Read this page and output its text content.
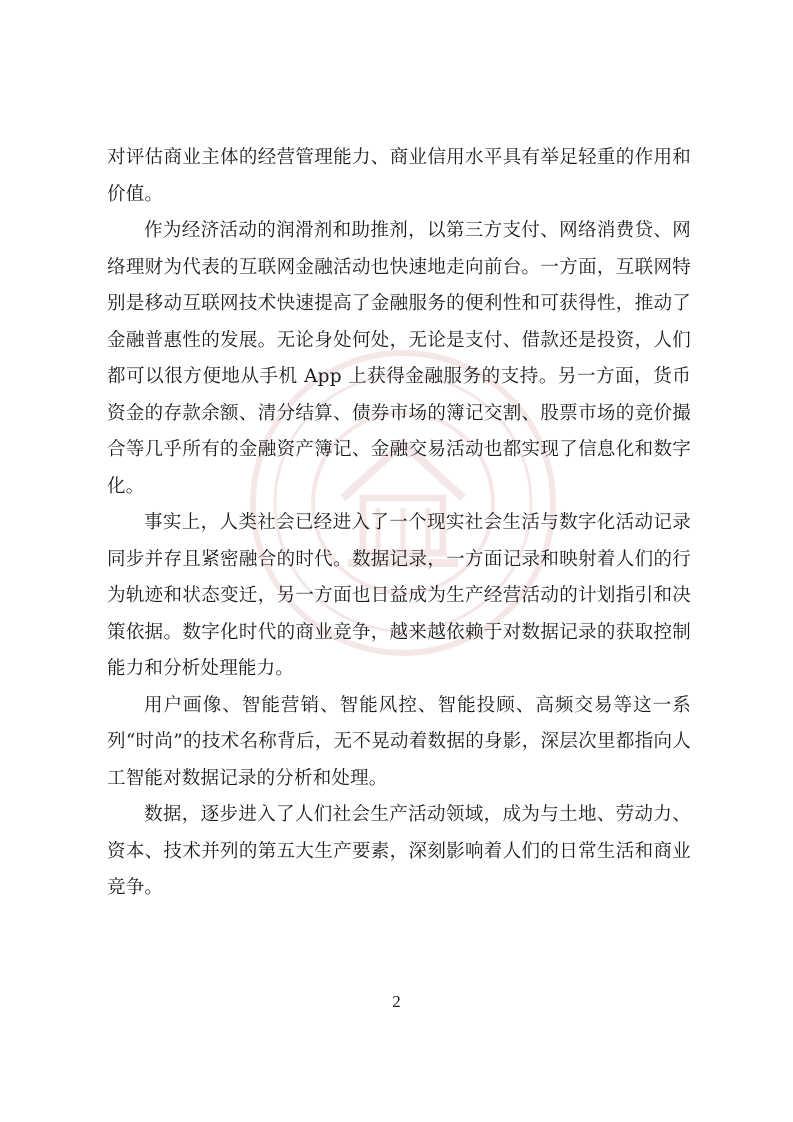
对评估商业主体的经营管理能力、商业信用水平具有举足轻重的作用和价值。

作为经济活动的润滑剂和助推剂，以第三方支付、网络消费贷、网络理财为代表的互联网金融活动也快速地走向前台。一方面，互联网特别是移动互联网技术快速提高了金融服务的便利性和可获得性，推动了金融普惠性的发展。无论身处何处，无论是支付、借款还是投资，人们都可以很方便地从手机 App 上获得金融服务的支持。另一方面，货币资金的存款余额、清分结算、债券市场的簿记交割、股票市场的竞价撮合等几乎所有的金融资产簿记、金融交易活动也都实现了信息化和数字化。

事实上，人类社会已经进入了一个现实社会生活与数字化活动记录同步并存且紧密融合的时代。数据记录，一方面记录和映射着人们的行为轨迹和状态变迁，另一方面也日益成为生产经营活动的计划指引和决策依据。数字化时代的商业竞争，越来越依赖于对数据记录的获取控制能力和分析处理能力。

用户画像、智能营销、智能风控、智能投顾、高频交易等这一系列“时尚”的技术名称背后，无不晃动着数据的身影，深层次里都指向人工智能对数据记录的分析和处理。

数据，逐步进入了人们社会生产活动领域，成为与土地、劳动力、资本、技术并列的第五大生产要素，深刻影响着人们的日常生活和商业竞争。

2
